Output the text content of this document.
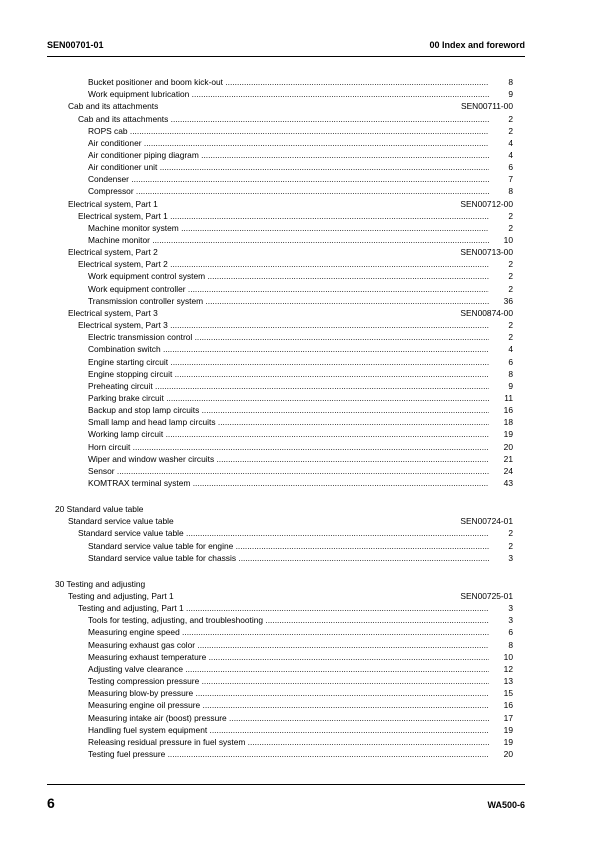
SEN00701-01	00 Index and foreword
Bucket positioner and boom kick-out .....	8
Work equipment lubrication .....	9
Cab and its attachments	SEN00711-00
Cab and its attachments .....	2
ROPS cab .....	2
Air conditioner .....	4
Air conditioner piping diagram .....	4
Air conditioner unit .....	6
Condenser .....	7
Compressor .....	8
Electrical system, Part 1	SEN00712-00
Electrical system, Part 1 .....	2
Machine monitor system .....	2
Machine monitor .....	10
Electrical system, Part 2	SEN00713-00
Electrical system, Part 2 .....	2
Work equipment control system .....	2
Work equipment controller .....	2
Transmission controller system .....	36
Electrical system, Part 3	SEN00874-00
Electrical system, Part 3 .....	2
Electric transmission control .....	2
Combination switch .....	4
Engine starting circuit .....	6
Engine stopping circuit .....	8
Preheating circuit .....	9
Parking brake circuit .....	11
Backup and stop lamp circuits .....	16
Small lamp and head lamp circuits .....	18
Working lamp circuit .....	19
Horn circuit .....	20
Wiper and window washer circuits .....	21
Sensor .....	24
KOMTRAX terminal system .....	43
20 Standard value table
Standard service value table	SEN00724-01
Standard service value table .....	2
Standard service value table for engine .....	2
Standard service value table for chassis .....	3
30 Testing and adjusting
Testing and adjusting, Part 1	SEN00725-01
Testing and adjusting, Part 1 .....	3
Tools for testing, adjusting, and troubleshooting .....	3
Measuring engine speed .....	6
Measuring exhaust gas color .....	8
Measuring exhaust temperature .....	10
Adjusting valve clearance .....	12
Testing compression pressure .....	13
Measuring blow-by pressure .....	15
Measuring engine oil pressure .....	16
Measuring intake air (boost) pressure .....	17
Handling fuel system equipment .....	19
Releasing residual pressure in fuel system .....	19
Testing fuel pressure .....	20
6	WA500-6
